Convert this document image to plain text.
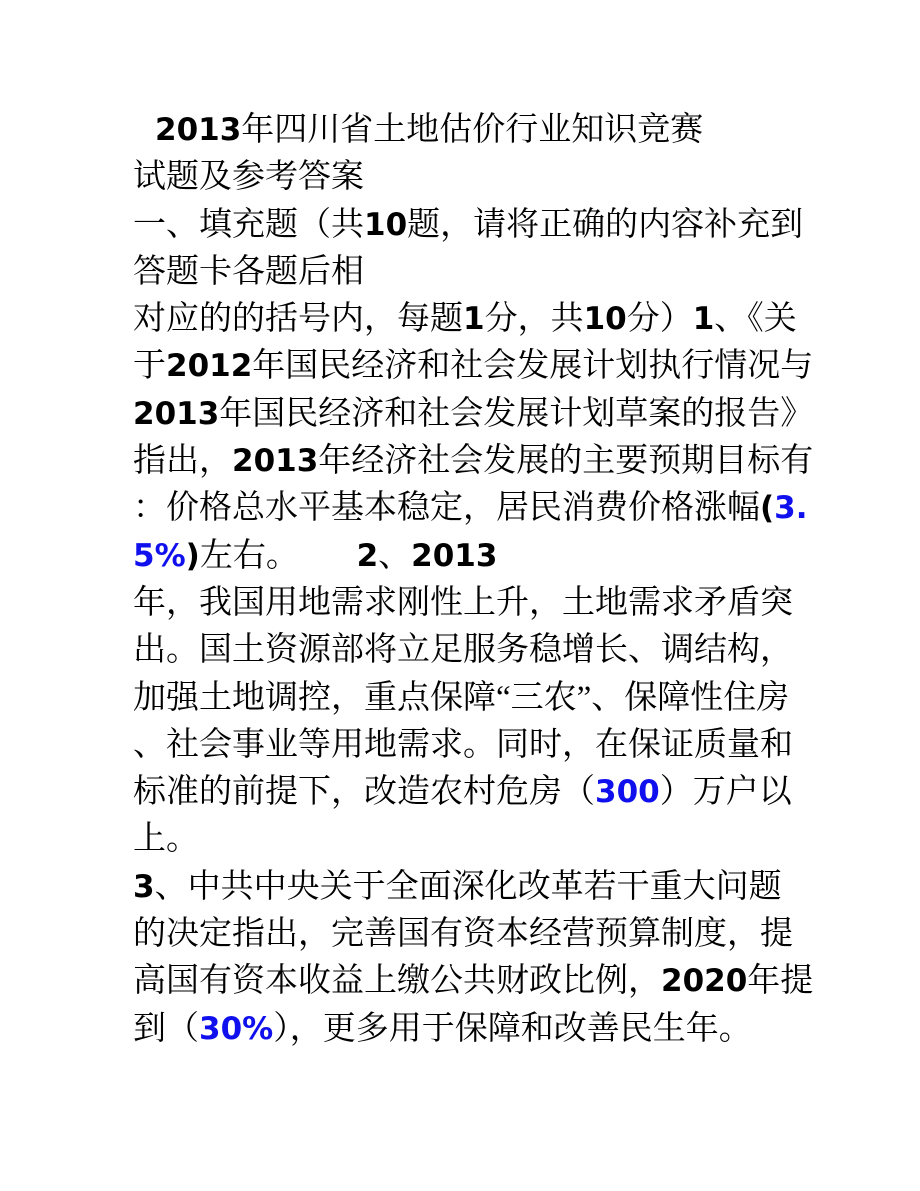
2013年四川省土地估价行业知识竞赛
试题及参考答案
一、填充题（共10题，请将正确的内容补充到
答题卡各题后相
对应的的括号内，每题1分，共10分）1、《关
于2012年国民经济和社会发展计划执行情况与
2013年国民经济和社会发展计划草案的报告》
指出，2013年经济社会发展的主要预期目标有
：价格总水平基本稳定，居民消费价格涨幅(3.
5%)左右。　　 2、2013
年，我国用地需求刚性上升，土地需求矛盾突
出。国土资源部将立足服务稳增长、调结构，
加强土地调控，重点保障“三农”、保障性住房
、社会事业等用地需求。同时，在保证质量和
标准的前提下，改造农村危房（300）万户以
上。
3、中共中央关于全面深化改革若干重大问题
的决定指出，完善国有资本经营预算制度，提
高国有资本收益上缴公共财政比例，2020年提
到（30%），更多用于保障和改善民生年。
